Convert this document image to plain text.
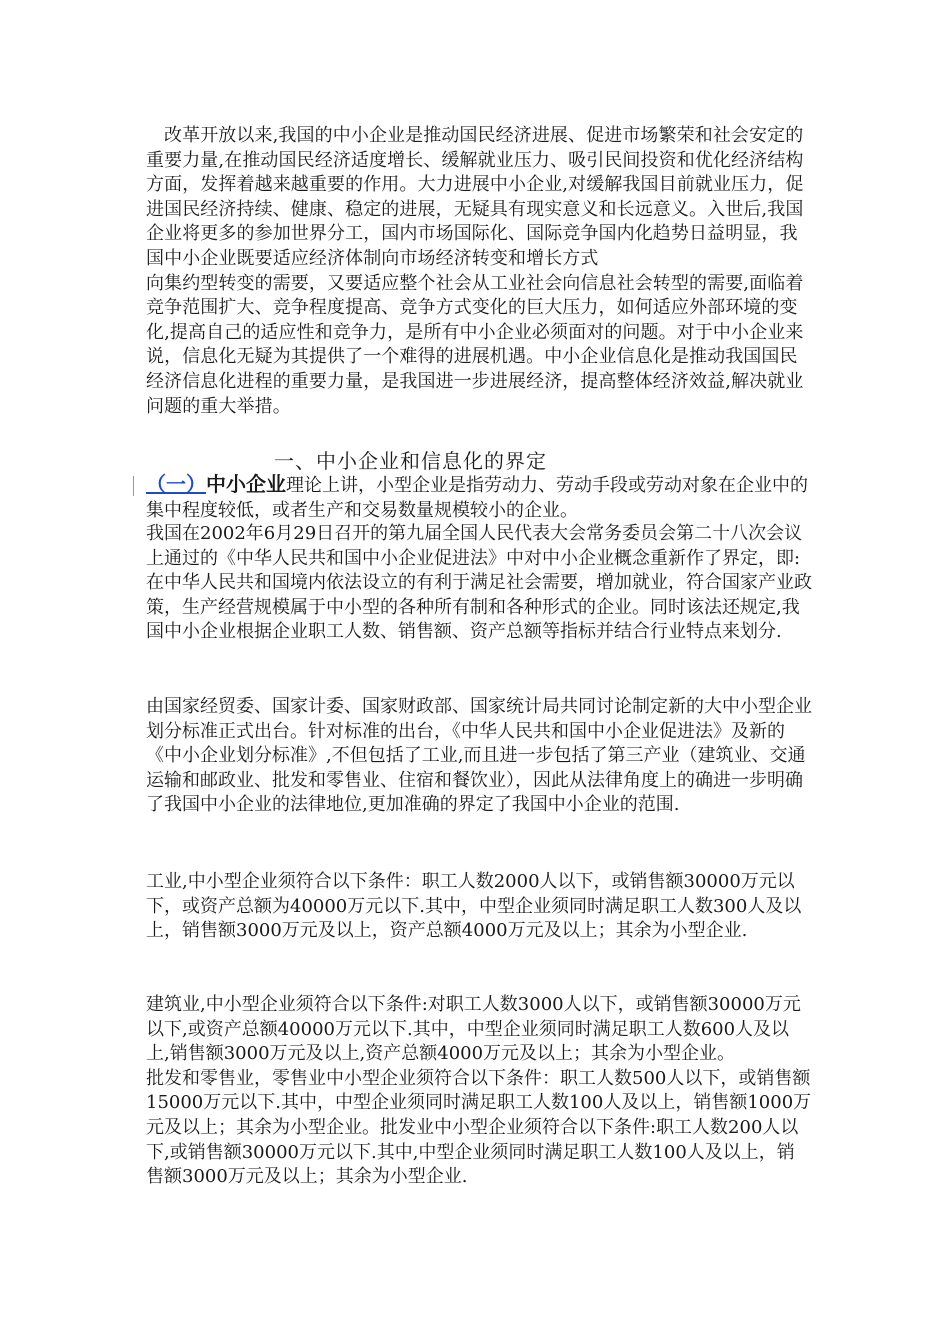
改革开放以来,我国的中小企业是推动国民经济进展、促进市场繁荣和社会安定的重要力量,在推动国民经济适度增长、缓解就业压力、吸引民间投资和优化经济结构方面，发挥着越来越重要的作用。大力进展中小企业,对缓解我国目前就业压力，促进国民经济持续、健康、稳定的进展，无疑具有现实意义和长远意义。入世后,我国企业将更多的参加世界分工，国内市场国际化、国际竞争国内化趋势日益明显，我国中小企业既要适应经济体制向市场经济转变和增长方式

向集约型转变的需要，又要适应整个社会从工业社会向信息社会转型的需要,面临着竞争范围扩大、竞争程度提高、竞争方式变化的巨大压力，如何适应外部环境的变化,提高自己的适应性和竞争力，是所有中小企业必须面对的问题。对于中小企业来说，信息化无疑为其提供了一个难得的进展机遇。中小企业信息化是推动我国国民经济信息化进程的重要力量，是我国进一步进展经济，提高整体经济效益,解决就业问题的重大举措。

一、中小企业和信息化的界定
（一）中小企业理论上讲，小型企业是指劳动力、劳动手段或劳动对象在企业中的集中程度较低，或者生产和交易数量规模较小的企业。

我国在2002年6月29日召开的第九届全国人民代表大会常务委员会第二十八次会议上通过的《中华人民共和国中小企业促进法》中对中小企业概念重新作了界定，即:在中华人民共和国境内依法设立的有利于满足社会需要，增加就业，符合国家产业政策，生产经营规模属于中小型的各种所有制和各种形式的企业。同时该法还规定,我国中小企业根据企业职工人数、销售额、资产总额等指标并结合行业特点来划分.

由国家经贸委、国家计委、国家财政部、国家统计局共同讨论制定新的大中小型企业划分标准正式出台。针对标准的出台，《中华人民共和国中小企业促进法》及新的《中小企业划分标准》,不但包括了工业,而且进一步包括了第三产业（建筑业、交通运输和邮政业、批发和零售业、住宿和餐饮业），因此从法律角度上的确进一步明确了我国中小企业的法律地位,更加准确的界定了我国中小企业的范围.

工业,中小型企业须符合以下条件：职工人数2000人以下，或销售额30000万元以下，或资产总额为40000万元以下.其中，中型企业须同时满足职工人数300人及以上，销售额3000万元及以上，资产总额4000万元及以上；其余为小型企业.

建筑业,中小型企业须符合以下条件:对职工人数3000人以下，或销售额30000万元以下,或资产总额40000万元以下.其中，中型企业须同时满足职工人数600人及以上,销售额3000万元及以上,资产总额4000万元及以上；其余为小型企业。

批发和零售业，零售业中小型企业须符合以下条件：职工人数500人以下，或销售额15000万元以下.其中，中型企业须同时满足职工人数100人及以上，销售额1000万元及以上；其余为小型企业。批发业中小型企业须符合以下条件:职工人数200人以下,或销售额30000万元以下.其中,中型企业须同时满足职工人数100人及以上，销售额3000万元及以上；其余为小型企业.
